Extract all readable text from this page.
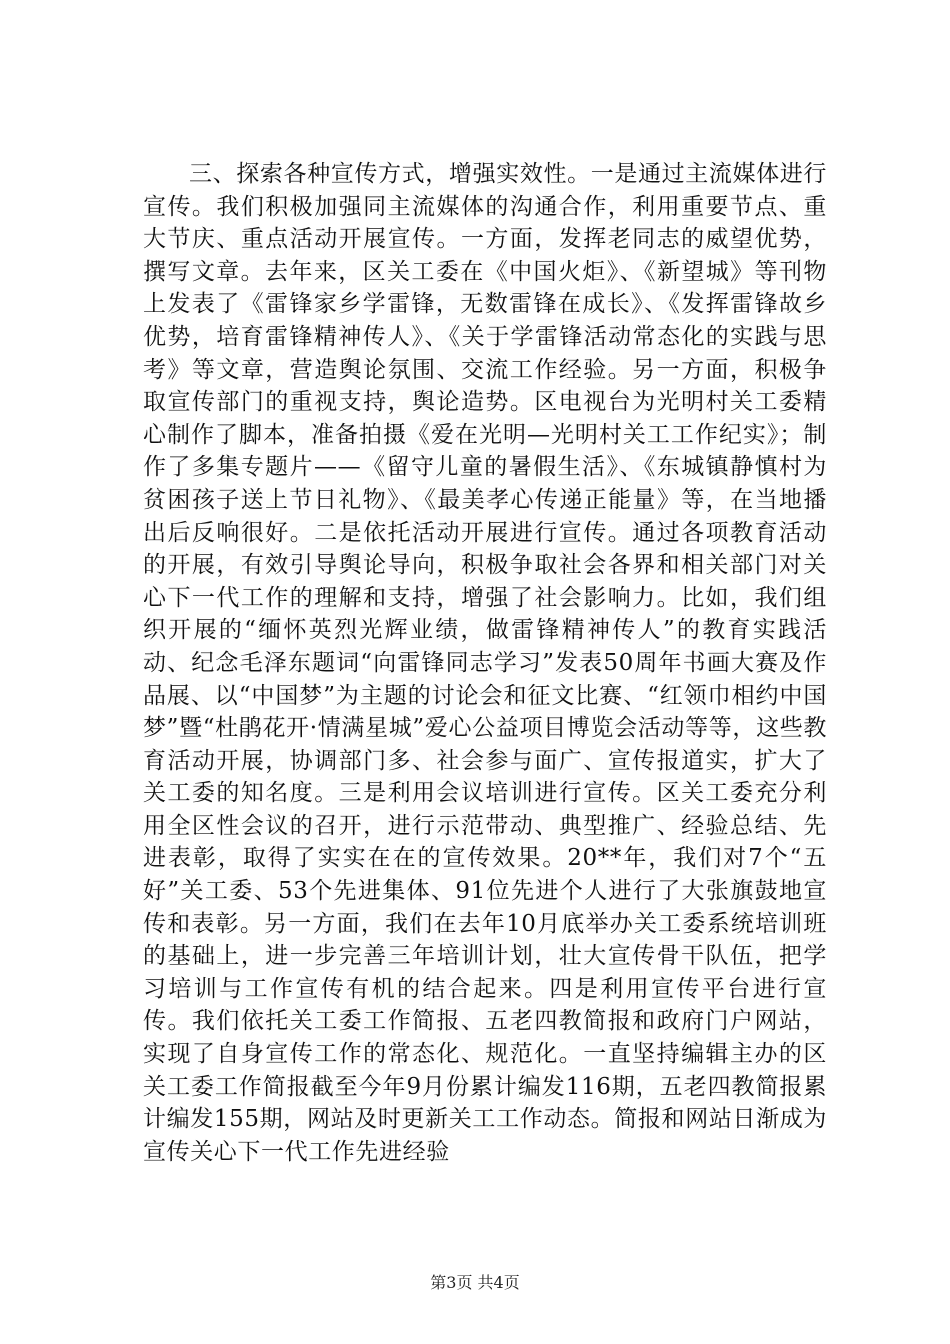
三、探索各种宣传方式，增强实效性。一是通过主流媒体进行宣传。我们积极加强同主流媒体的沟通合作，利用重要节点、重大节庆、重点活动开展宣传。一方面，发挥老同志的威望优势，撰写文章。去年来，区关工委在《中国火炬》、《新望城》等刊物上发表了《雷锋家乡学雷锋，无数雷锋在成长》、《发挥雷锋故乡优势，培育雷锋精神传人》、《关于学雷锋活动常态化的实践与思考》等文章，营造舆论氛围、交流工作经验。另一方面，积极争取宣传部门的重视支持，舆论造势。区电视台为光明村关工委精心制作了脚本，准备拍摄《爱在光明—光明村关工工作纪实》；制作了多集专题片——《留守儿童的暑假生活》、《东城镇静慎村为贫困孩子送上节日礼物》、《最美孝心传递正能量》等，在当地播出后反响很好。二是依托活动开展进行宣传。通过各项教育活动的开展，有效引导舆论导向，积极争取社会各界和相关部门对关心下一代工作的理解和支持，增强了社会影响力。比如，我们组织开展的“缅怀英烈光辉业绩，做雷锋精神传人”的教育实践活动、纪念毛泽东题词“向雷锋同志学习”发表50周年书画大赛及作品展、以“中国梦”为主题的讨论会和征文比赛、“红领巾相约中国梦”暨“杜鹃花开·情满星城”爱心公益项目博览会活动等等，这些教育活动开展，协调部门多、社会参与面广、宣传报道实，扩大了关工委的知名度。三是利用会议培训进行宣传。区关工委充分利用全区性会议的召开，进行示范带动、典型推广、经验总结、先进表彰，取得了实实在在的宣传效果。20**年，我们对7个“五好”关工委、53个先进集体、91位先进个人进行了大张旗鼓地宣传和表彰。另一方面，我们在去年10月底举办关工委系统培训班的基础上，进一步完善三年培训计划，壮大宣传骨干队伍，把学习培训与工作宣传有机的结合起来。四是利用宣传平台进行宣传。我们依托关工委工作简报、五老四教简报和政府门户网站，实现了自身宣传工作的常态化、规范化。一直坚持编辑主办的区关工委工作简报截至今年9月份累计编发116期，五老四教简报累计编发155期，网站及时更新关工工作动态。简报和网站日渐成为宣传关心下一代工作先进经验

第3页 共4页
